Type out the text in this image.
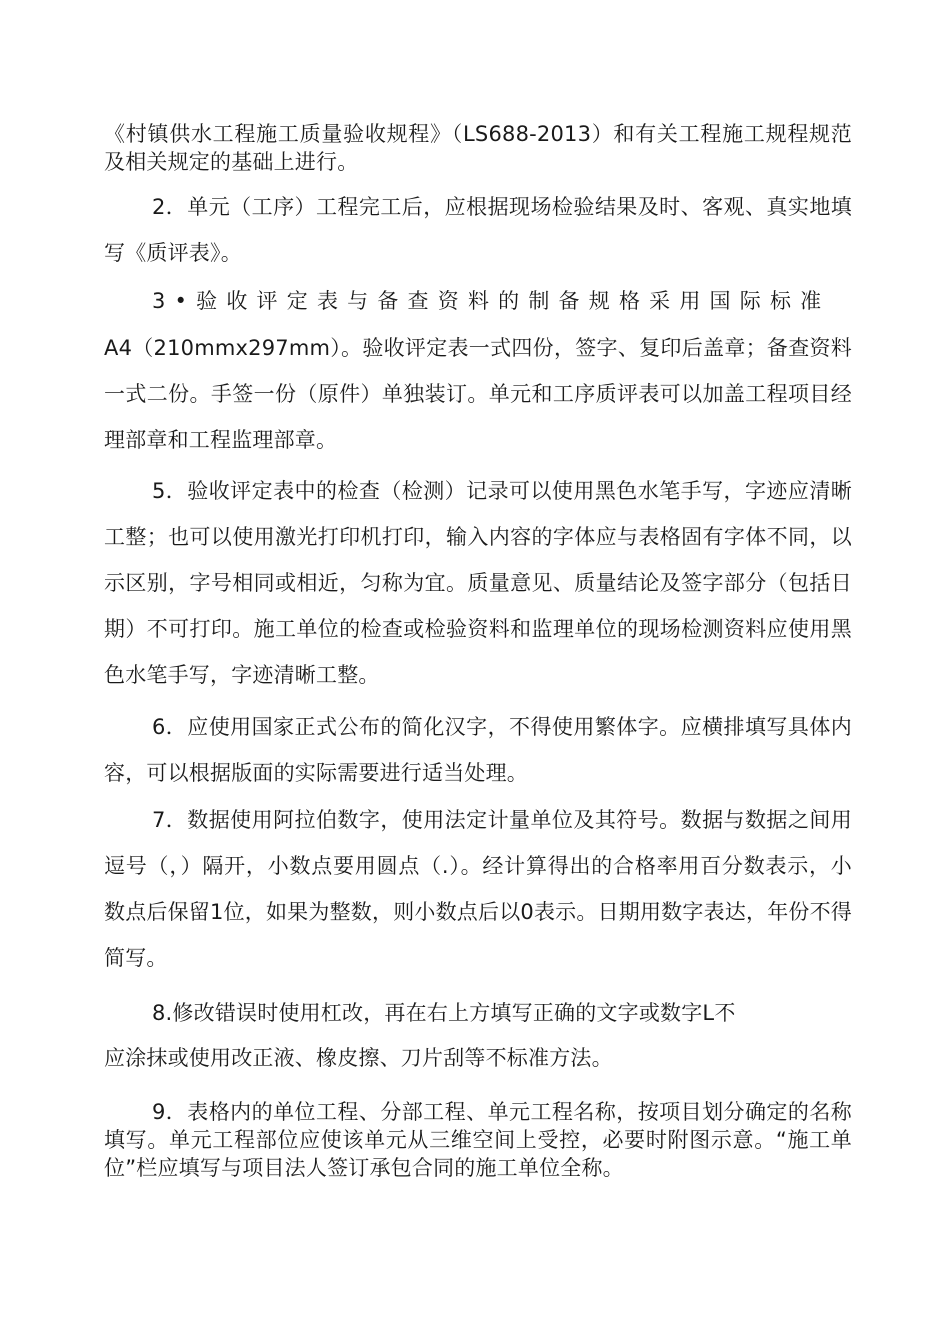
《村镇供水工程施工质量验收规程》（LS688-2013）和有关工程施工规程规范及相关规定的基础上进行。

2．单元（工序）工程完工后，应根据现场检验结果及时、客观、真实地填写《质评表》。

3•验收评定表与备查资料的制备规格采用国际标准

A4（210mmx297mm）。验收评定表一式四份，签字、复印后盖章；备查资料一式二份。手签一份（原件）单独装订。单元和工序质评表可以加盖工程项目经理部章和工程监理部章。

5．验收评定表中的检查（检测）记录可以使用黑色水笔手写，字迹应清晰工整；也可以使用激光打印机打印，输入内容的字体应与表格固有字体不同，以示区别，字号相同或相近，匀称为宜。质量意见、质量结论及签字部分（包括日期）不可打印。施工单位的检查或检验资料和监理单位的现场检测资料应使用黑色水笔手写，字迹清晰工整。

6．应使用国家正式公布的简化汉字，不得使用繁体字。应横排填写具体内容，可以根据版面的实际需要进行适当处理。

7．数据使用阿拉伯数字，使用法定计量单位及其符号。数据与数据之间用逗号（，）隔开，小数点要用圆点（.）。经计算得出的合格率用百分数表示，小数点后保留1位，如果为整数，则小数点后以0表示。日期用数字表达，年份不得简写。

8.修改错误时使用杠改，再在右上方填写正确的文字或数字L不

应涂抹或使用改正液、橡皮擦、刀片刮等不标准方法。

9．表格内的单位工程、分部工程、单元工程名称，按项目划分确定的名称填写。单元工程部位应使该单元从三维空间上受控，必要时附图示意。“施工单位”栏应填写与项目法人签订承包合同的施工单位全称。
